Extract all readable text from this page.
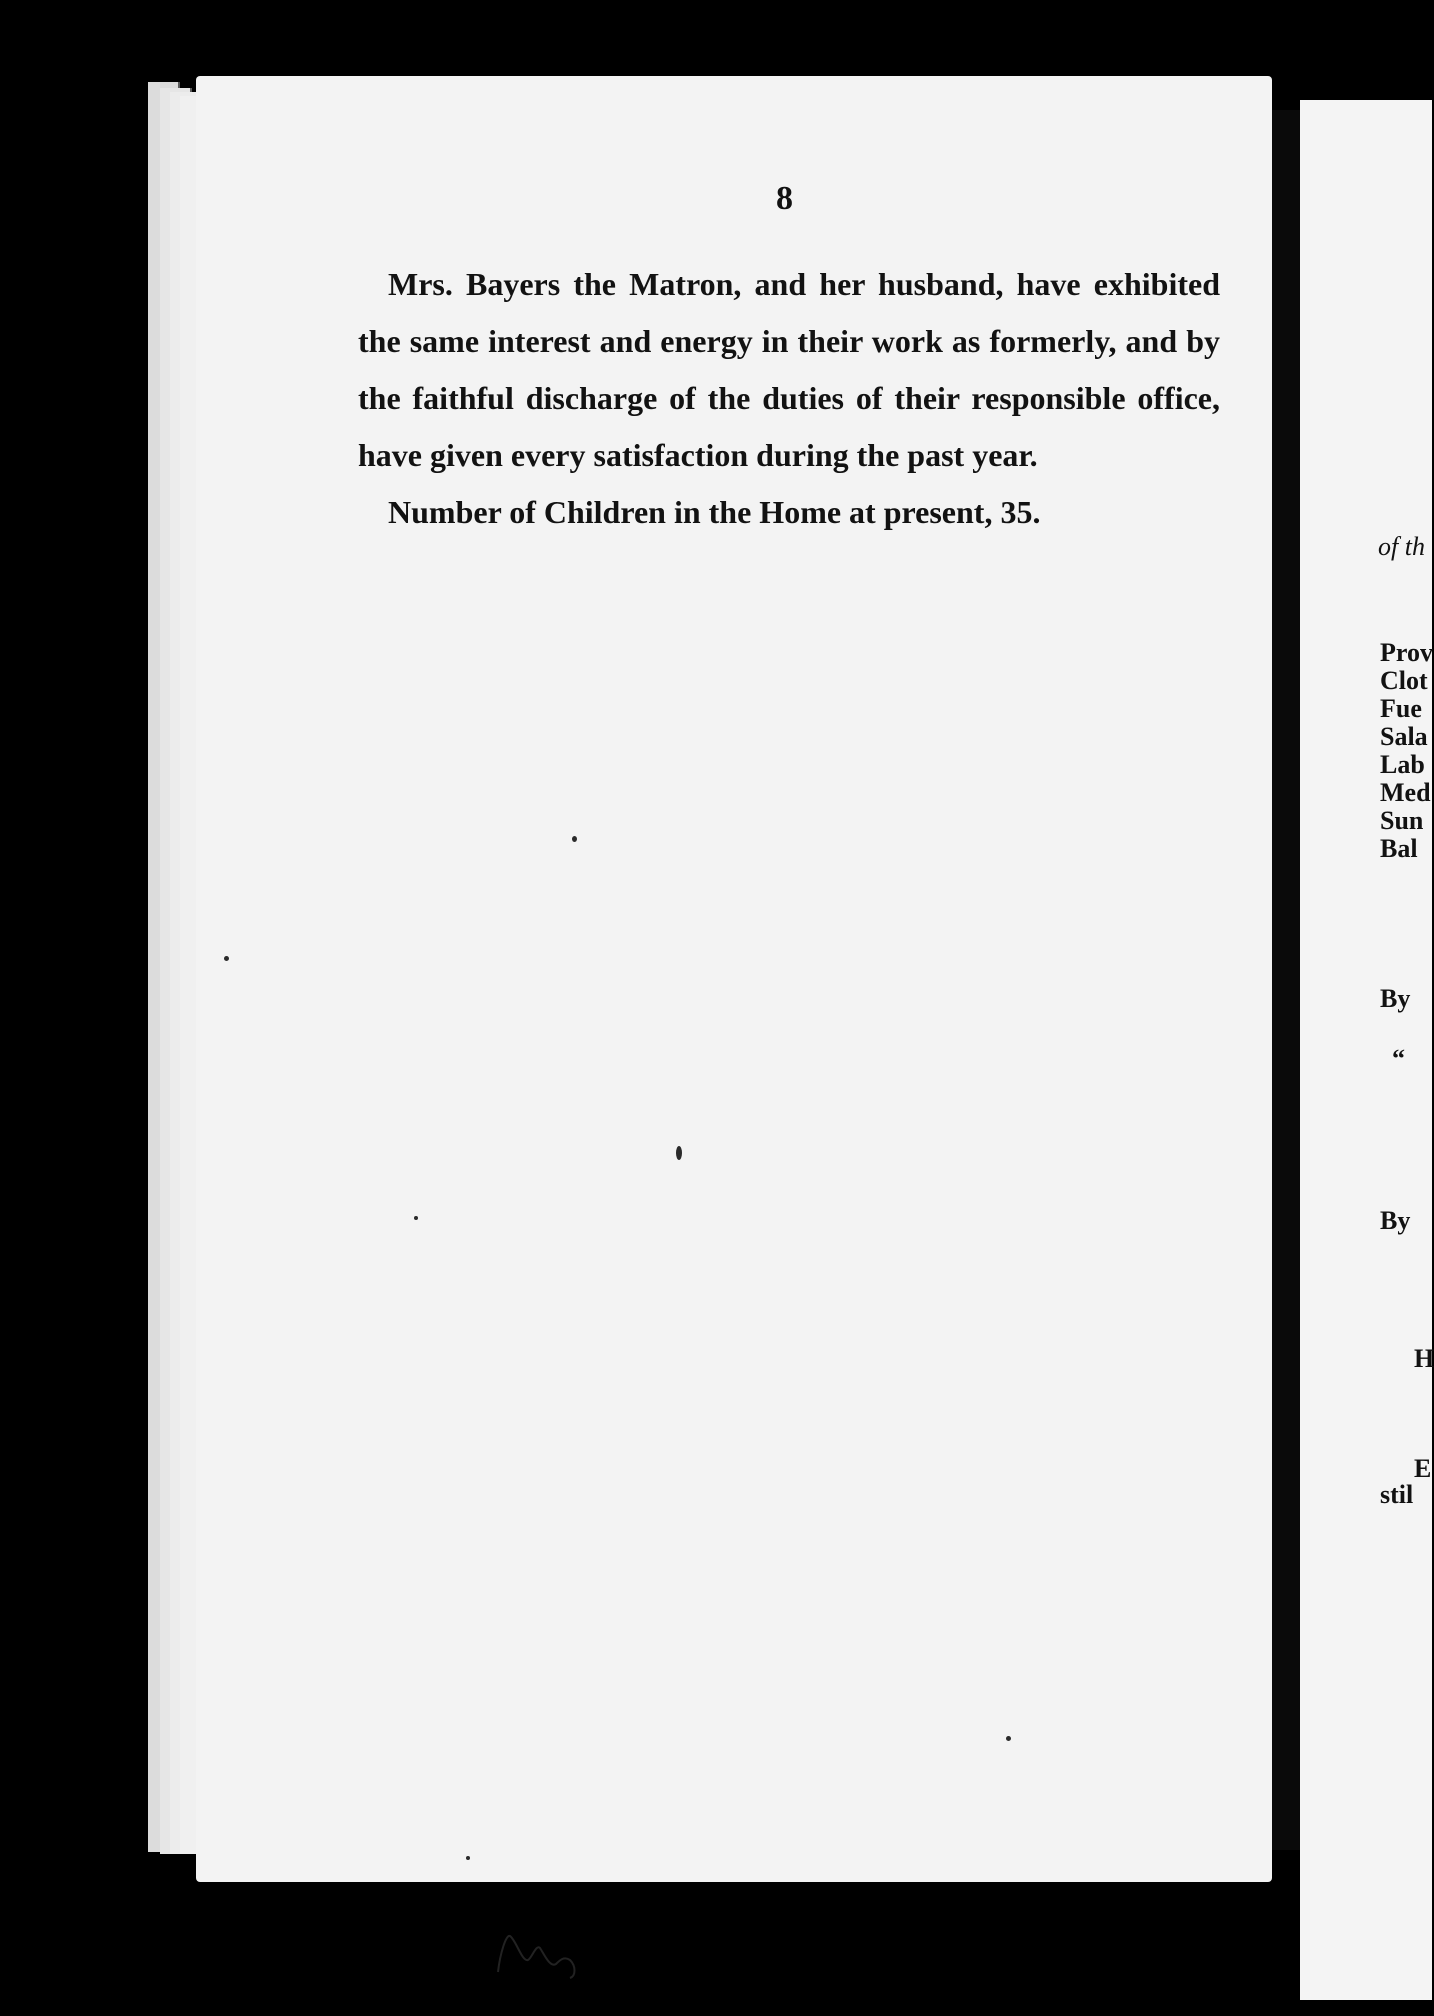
8

Mrs. Bayers the Matron, and her husband, have exhibited the same interest and energy in their work as formerly, and by the faithful discharge of the duties of their responsible office, have given every satisfaction during the past year.

Number of Children in the Home at present, 35.

of th
Prov
Clot
Fue
Sala
Lab
Med
Sun
Bal
By
“
By
H
E
stil
